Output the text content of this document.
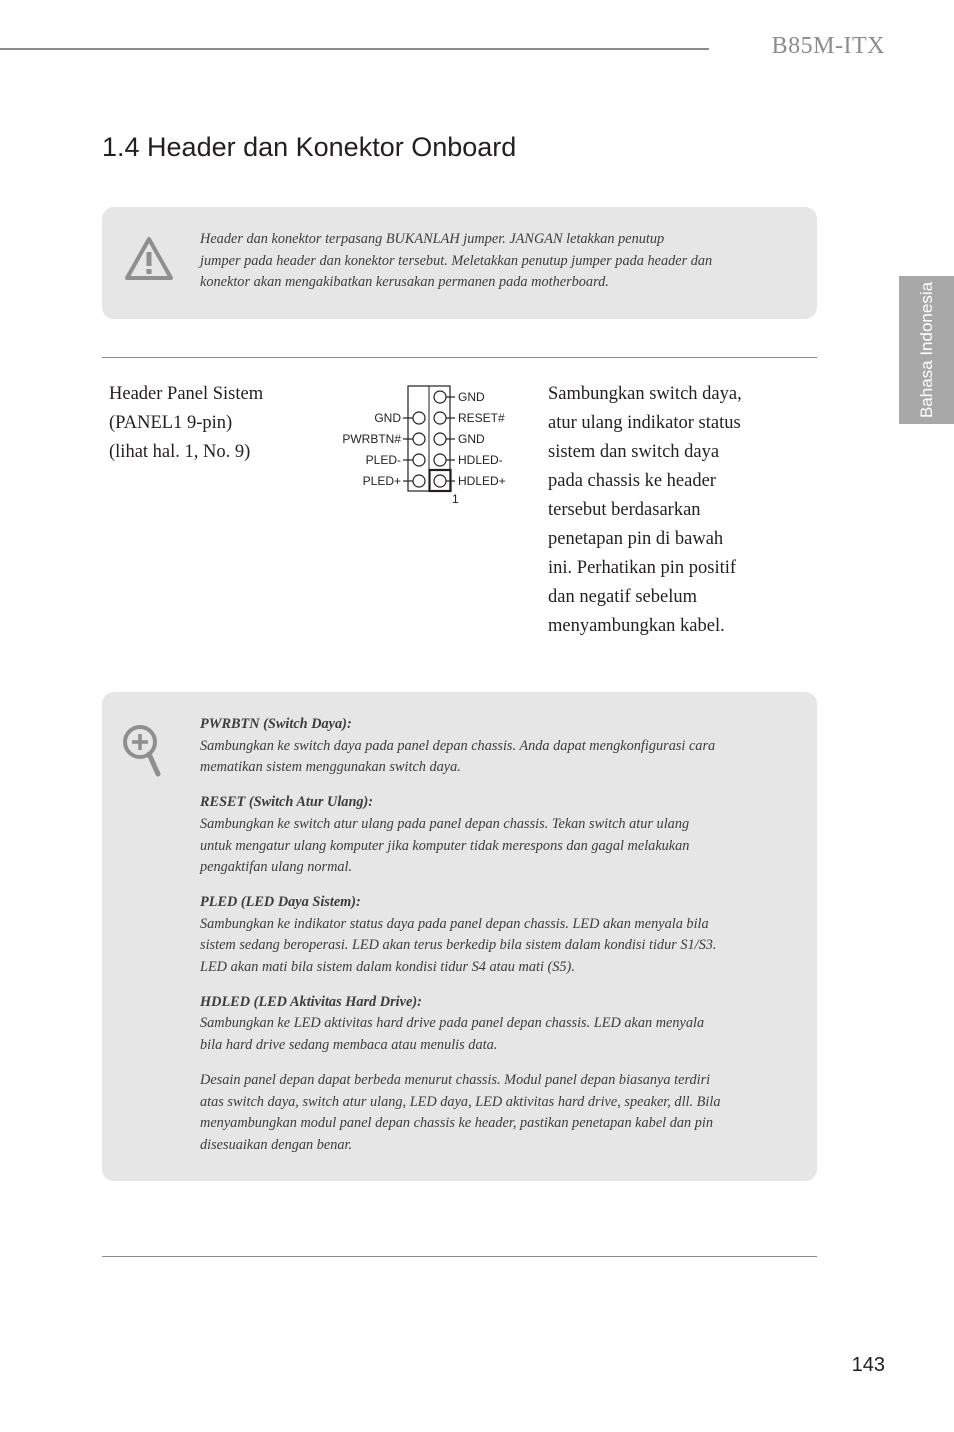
B85M-ITX
Bahasa Indonesia
1.4 Header dan Konektor Onboard

Header dan konektor terpasang BUKANLAH jumper. JANGAN letakkan penutup
jumper pada header dan konektor tersebut. Meletakkan penutup jumper pada header dan
konektor akan mengakibatkan kerusakan permanen pada motherboard.

Header Panel Sistem
(PANEL1 9-pin)
(lihat hal. 1, No. 9)
GND
PWRBTN#
PLED-
PLED+
GND
RESET#
GND
HDLED-
HDLED+
1
Sambungkan switch daya,
atur ulang indikator status
sistem dan switch daya
pada chassis ke header
tersebut berdasarkan
penetapan pin di bawah
ini. Perhatikan pin positif
dan negatif sebelum
menyambungkan kabel.
PWRBTN (Switch Daya):
Sambungkan ke switch daya pada panel depan chassis. Anda dapat mengkonfigurasi cara
mematikan sistem menggunakan switch daya.
RESET (Switch Atur Ulang):
Sambungkan ke switch atur ulang pada panel depan chassis. Tekan switch atur ulang
untuk mengatur ulang komputer jika komputer tidak merespons dan gagal melakukan
pengaktifan ulang normal.
PLED (LED Daya Sistem):
Sambungkan ke indikator status daya pada panel depan chassis. LED akan menyala bila
sistem sedang beroperasi. LED akan terus berkedip bila sistem dalam kondisi tidur S1/S3.
LED akan mati bila sistem dalam kondisi tidur S4 atau mati (S5).
HDLED (LED Aktivitas Hard Drive):
Sambungkan ke LED aktivitas hard drive pada panel depan chassis. LED akan menyala
bila hard drive sedang membaca atau menulis data.
Desain panel depan dapat berbeda menurut chassis. Modul panel depan biasanya terdiri
atas switch daya, switch atur ulang, LED daya, LED aktivitas hard drive, speaker, dll. Bila
menyambungkan modul panel depan chassis ke header, pastikan penetapan kabel dan pin
disesuaikan dengan benar.
143
